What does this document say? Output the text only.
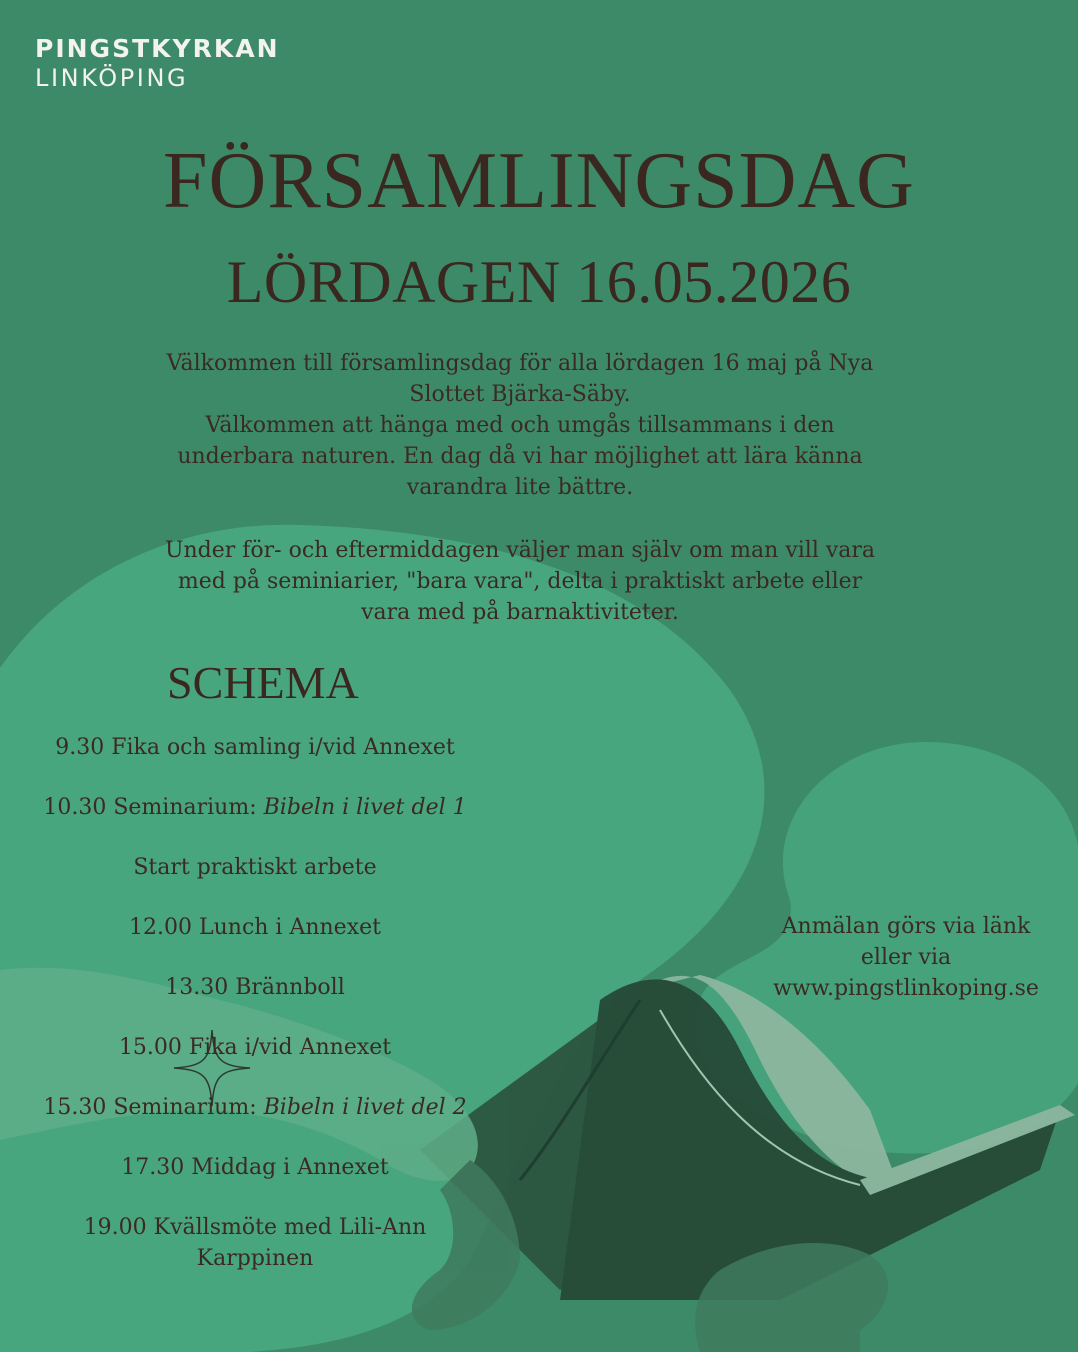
PINGSTKYRKAN
LINKÖPING
FÖRSAMLINGSDAG
LÖRDAGEN 16.05.2026
Välkommen till församlingsdag för alla lördagen 16 maj på Nya
Slottet Bjärka-Säby.
Välkommen att hänga med och umgås tillsammans i den
underbara naturen. En dag då vi har möjlighet att lära känna
varandra lite bättre.
Under för- och eftermiddagen väljer man själv om man vill vara
med på seminiarier, "bara vara", delta i praktiskt arbete eller
vara med på barnaktiviteter.
SCHEMA
9.30 Fika och samling i/vid Annexet
10.30 Seminarium: Bibeln i livet del 1
Start praktiskt arbete
12.00 Lunch i Annexet
13.30 Brännboll
15.00 Fika i/vid Annexet
15.30 Seminarium: Bibeln i livet del 2
17.30 Middag i Annexet
19.00 Kvällsmöte med Lili-Ann
Karppinen
Anmälan görs via länk
eller via
www.pingstlinkoping.se
